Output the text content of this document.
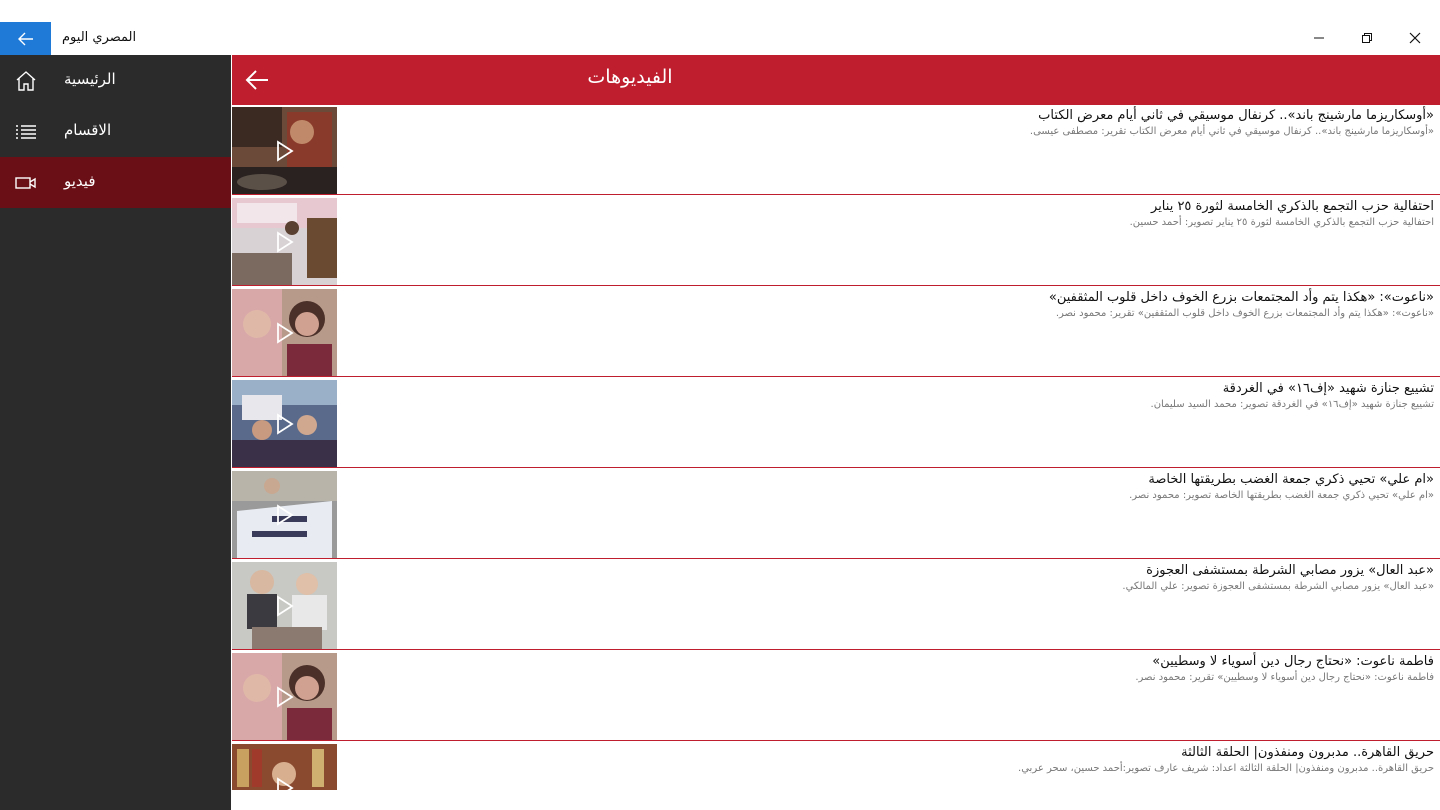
المصري اليوم
الرئيسية
الاقسام
فيديو
الفيديوهات
«أوسكاريزما مارشينج باند».. كرنفال موسيقي في ثاني أيام معرض الكتاب
«أوسكاريزما مارشينج باند».. كرنفال موسيقي في ثاني أيام معرض الكتاب تقرير: مصطفى عيسى.
احتفالية حزب التجمع بالذكري الخامسة لثورة ٢٥ يناير
احتفالية حزب التجمع بالذكري الخامسة لثورة ٢٥ يناير تصوير: أحمد حسين.
«ناعوت»: «هكذا يتم وأد المجتمعات بزرع الخوف داخل قلوب المثقفين»
«ناعوت»: «هكذا يتم وأد المجتمعات بزرع الخوف داخل قلوب المثقفين» تقرير: محمود نصر.
تشييع جنازة شهيد «إف١٦» في الغردقة
تشييع جنازة شهيد «إف١٦» في الغردقة تصوير: محمد السيد سليمان.
«ام علي» تحيي ذكري جمعة الغضب بطريقتها الخاصة
«ام علي» تحيي ذكري جمعة الغضب بطريقتها الخاصة تصوير: محمود نصر.
«عبد العال» يزور مصابي الشرطة بمستشفى العجوزة
«عبد العال» يزور مصابي الشرطة بمستشفى العجوزة تصوير: علي المالكي.
فاطمة ناعوت: «نحتاج رجال دين أسوياء لا وسطيين»
فاطمة ناعوت: «نحتاج رجال دين أسوياء لا وسطيين» تقرير: محمود نصر.
حريق القاهرة.. مدبرون ومنفذون| الحلقة الثالثة
حريق القاهرة.. مدبرون ومنفذون| الحلقة الثالثة اعداد: شريف عارف تصوير:أحمد حسين، سحر عربي.
